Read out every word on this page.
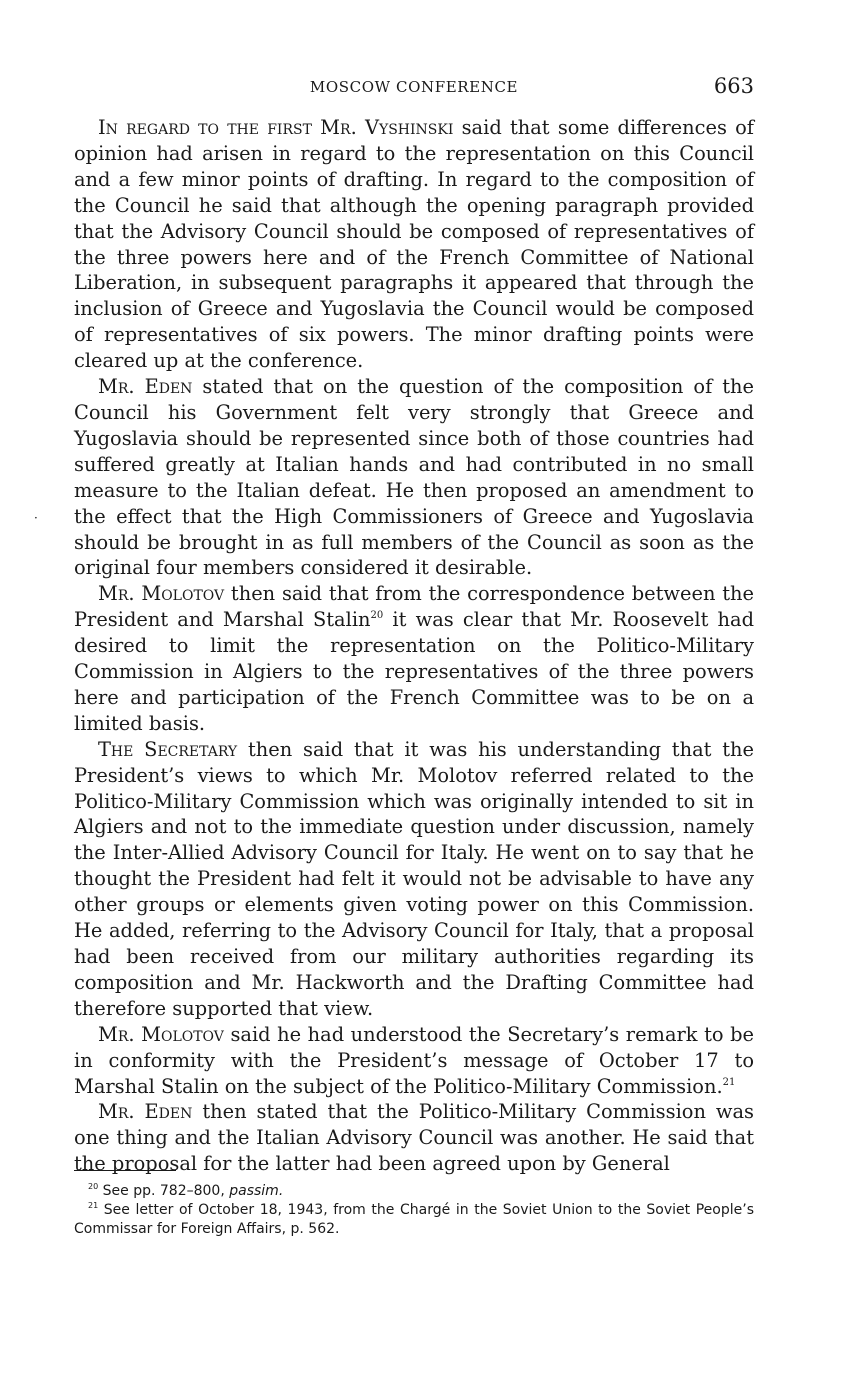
MOSCOW CONFERENCE	663

In regard to the first Mr. Vyshinski said that some differences of opinion had arisen in regard to the representation on this Council and a few minor points of drafting. In regard to the composition of the Council he said that although the opening paragraph provided that the Advisory Council should be composed of representatives of the three powers here and of the French Committee of National Liberation, in subsequent paragraphs it appeared that through the inclusion of Greece and Yugoslavia the Council would be composed of representatives of six powers. The minor drafting points were cleared up at the conference.

Mr. Eden stated that on the question of the composition of the Council his Government felt very strongly that Greece and Yugoslavia should be represented since both of those countries had suffered greatly at Italian hands and had contributed in no small measure to the Italian defeat. He then proposed an amendment to the effect that the High Commissioners of Greece and Yugoslavia should be brought in as full members of the Council as soon as the original four members considered it desirable.

Mr. Molotov then said that from the correspondence between the President and Marshal Stalin$^{20}$ it was clear that Mr. Roosevelt had desired to limit the representation on the Politico-Military Commission in Algiers to the representatives of the three powers here and participation of the French Committee was to be on a limited basis.

The Secretary then said that it was his understanding that the President’s views to which Mr. Molotov referred related to the Politico-Military Commission which was originally intended to sit in Algiers and not to the immediate question under discussion, namely the Inter-Allied Advisory Council for Italy. He went on to say that he thought the President had felt it would not be advisable to have any other groups or elements given voting power on this Commission. He added, referring to the Advisory Council for Italy, that a proposal had been received from our military authorities regarding its composition and Mr. Hackworth and the Drafting Committee had therefore supported that view.

Mr. Molotov said he had understood the Secretary’s remark to be in conformity with the President’s message of October 17 to Marshal Stalin on the subject of the Politico-Military Commission.$^{21}$

Mr. Eden then stated that the Politico-Military Commission was one thing and the Italian Advisory Council was another. He said that the proposal for the latter had been agreed upon by General

·

$^{20}$ See pp. 782–800, passim.

$^{21}$ See letter of October 18, 1943, from the Chargé in the Soviet Union to the Soviet People’s Commissar for Foreign Affairs, p. 562.
